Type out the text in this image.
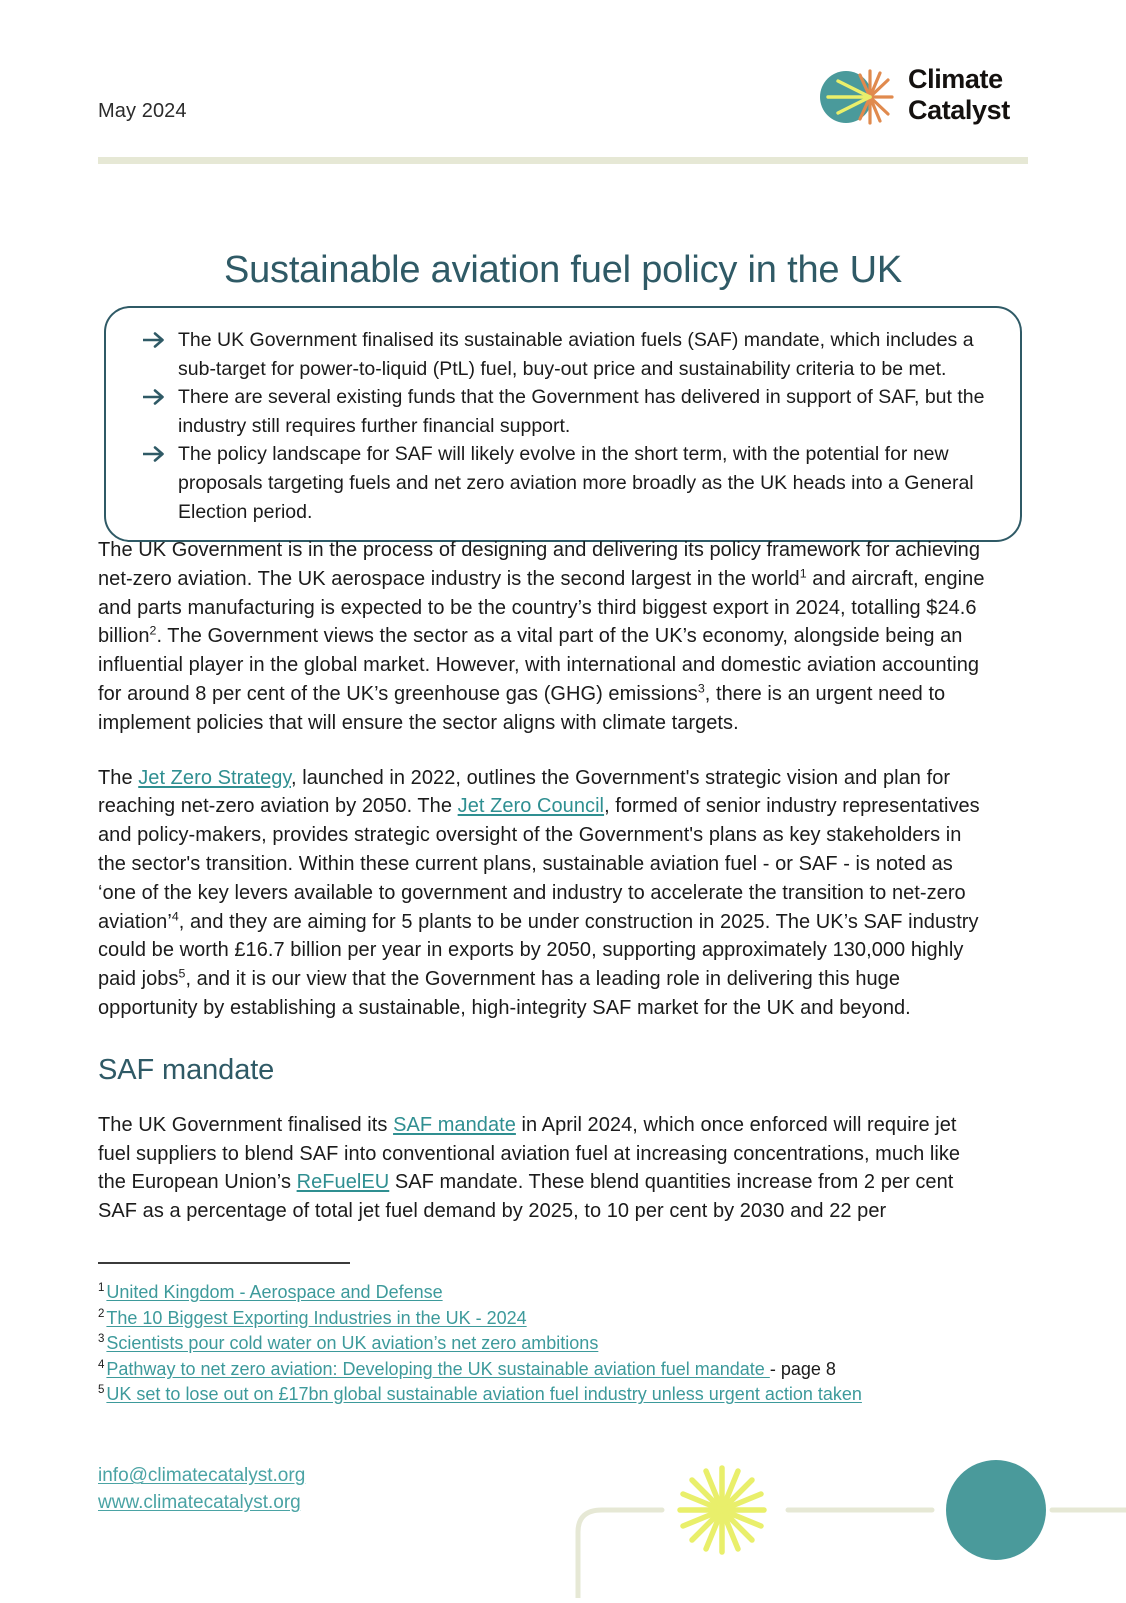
May 2024
Climate
Catalyst
Sustainable aviation fuel policy in the UK
The UK Government finalised its sustainable aviation fuels (SAF) mandate, which includes a sub-target for power-to-liquid (PtL) fuel, buy-out price and sustainability criteria to be met.
There are several existing funds that the Government has delivered in support of SAF, but the industry still requires further financial support.
The policy landscape for SAF will likely evolve in the short term, with the potential for new proposals targeting fuels and net zero aviation more broadly as the UK heads into a General Election period.

The UK Government is in the process of designing and delivering its policy framework for achieving net-zero aviation. The UK aerospace industry is the second largest in the world$^1$ and aircraft, engine and parts manufacturing is expected to be the country’s third biggest export in 2024, totalling $24.6 billion$^2$. The Government views the sector as a vital part of the UK’s economy, alongside being an influential player in the global market. However, with international and domestic aviation accounting for around 8 per cent of the UK’s greenhouse gas (GHG) emissions$^3$, there is an urgent need to implement policies that will ensure the sector aligns with climate targets.

The Jet Zero Strategy, launched in 2022, outlines the Government's strategic vision and plan for reaching net-zero aviation by 2050. The Jet Zero Council, formed of senior industry representatives and policy-makers, provides strategic oversight of the Government's plans as key stakeholders in the sector's transition. Within these current plans, sustainable aviation fuel - or SAF - is noted as ‘one of the key levers available to government and industry to accelerate the transition to net-zero aviation’$^4$, and they are aiming for 5 plants to be under construction in 2025. The UK’s SAF industry could be worth £16.7 billion per year in exports by 2050, supporting approximately 130,000 highly paid jobs$^5$, and it is our view that the Government has a leading role in delivering this huge opportunity by establishing a sustainable, high-integrity SAF market for the UK and beyond.

SAF mandate

The UK Government finalised its SAF mandate in April 2024, which once enforced will require jet fuel suppliers to blend SAF into conventional aviation fuel at increasing concentrations, much like the European Union’s ReFuelEU SAF mandate. These blend quantities increase from 2 per cent SAF as a percentage of total jet fuel demand by 2025, to 10 per cent by 2030 and 22 per

$^1$ United Kingdom - Aerospace and Defense
$^2$ The 10 Biggest Exporting Industries in the UK - 2024
$^3$ Scientists pour cold water on UK aviation’s net zero ambitions
$^4$ Pathway to net zero aviation: Developing the UK sustainable aviation fuel mandate - page 8
$^5$ UK set to lose out on £17bn global sustainable aviation fuel industry unless urgent action taken
info@climatecatalyst.org
www.climatecatalyst.org
